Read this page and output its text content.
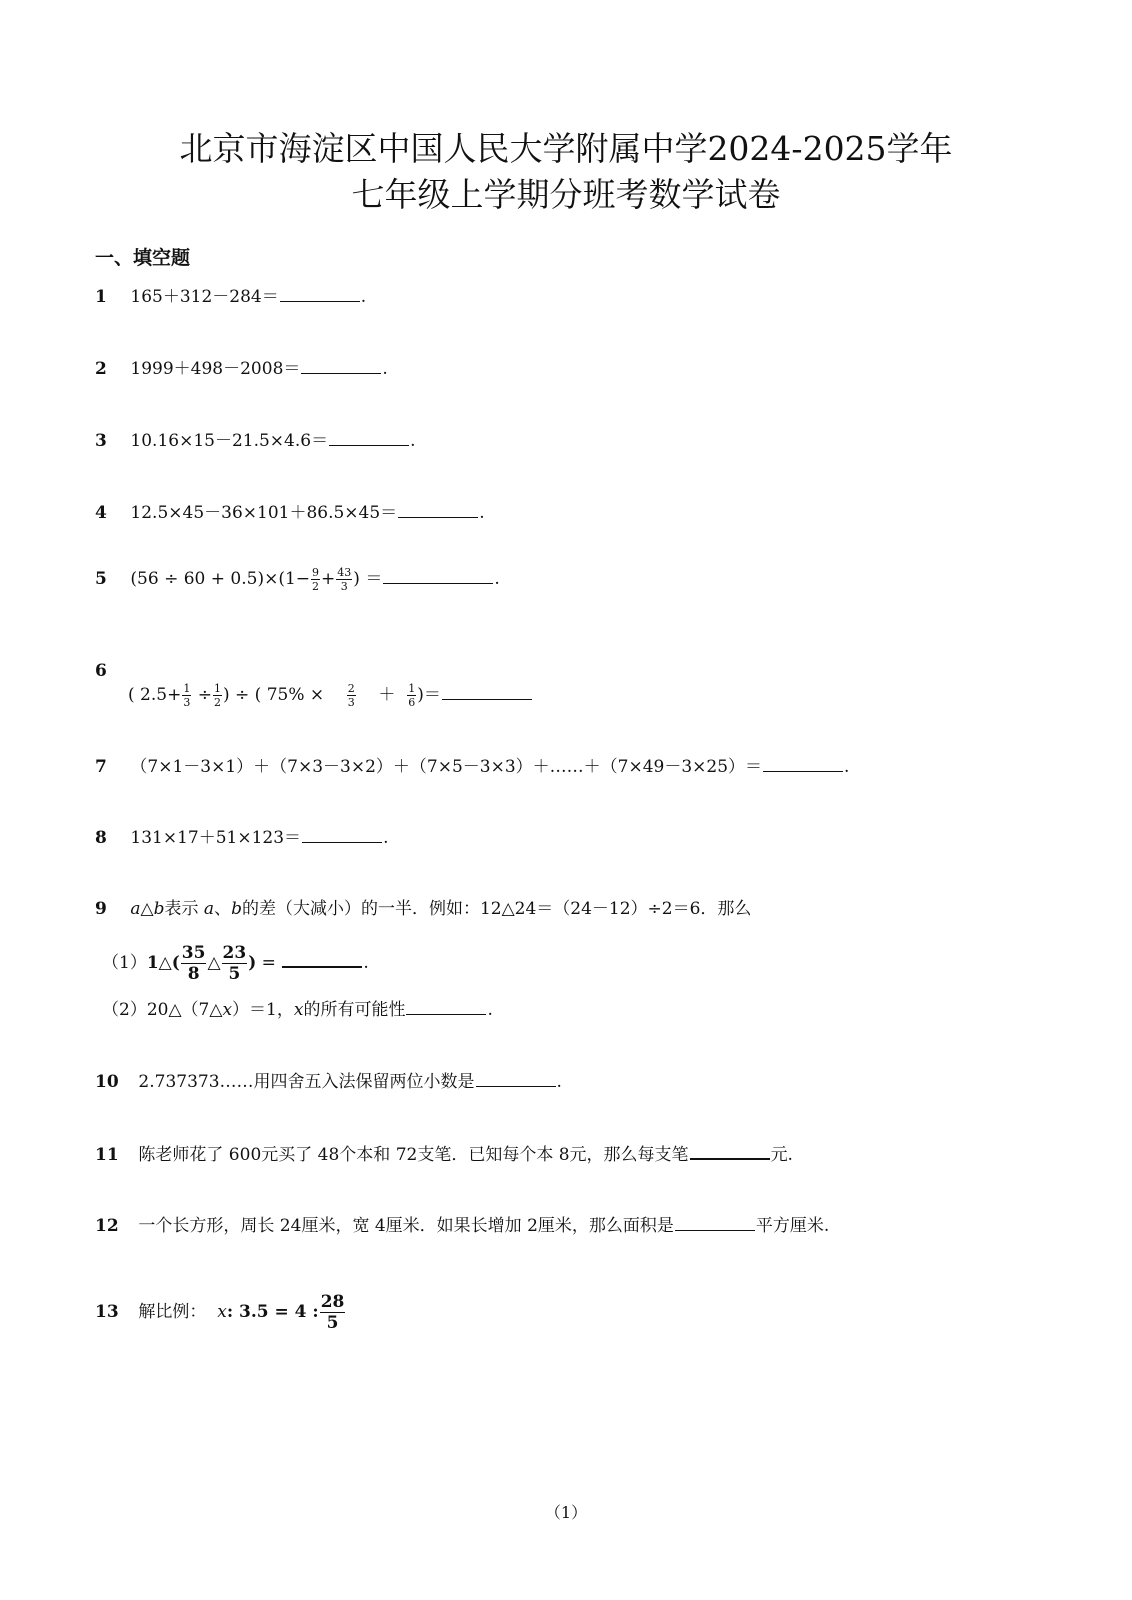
北京市海淀区中国人民大学附属中学2024-2025学年
七年级上学期分班考数学试卷
一、填空题
1 165＋312－284＝	.
2 1999＋498－2008＝	.
3 10.16×15－21.5×4.6＝	.
4 12.5×45－36×101＋86.5×45＝	.
5 $(56 \div 60 + 0.5)\times(1- \frac{9}{2} + \frac{43}{3}$ ) ＝	.
6
( $2.5+ \frac{1}{3} \div \frac{1}{2}$ ) ÷ ( $75\% \times \frac{2}{3} + \frac{1}{6}$ )＝
7 （7×1－3×1）＋（7×3－3×2）＋（7×5－3×3）＋……＋（7×49－3×25）＝	.
8 131×17＋51×123＝	.
9 a△b表示 a、b的差（大减小）的一半．例如：12△24＝（24－12）÷2＝6．那么
（1）1△( $\frac{35}{8}$ △ $\frac{23}{5}$ ) =	.
（2）20△（7△x）＝1，x的所有可能性	.
10 2.737373……用四舍五入法保留两位小数是	.
11 陈老师花了 600元买了 48个本和 72支笔．已知每个本 8元，那么每支笔	元.
12 一个长方形，周长 24厘米，宽 4厘米．如果长增加 2厘米，那么面积是	平方厘米.
13 解比例： x: 3.5 = 4 : $\frac{28}{5}$
（1）
